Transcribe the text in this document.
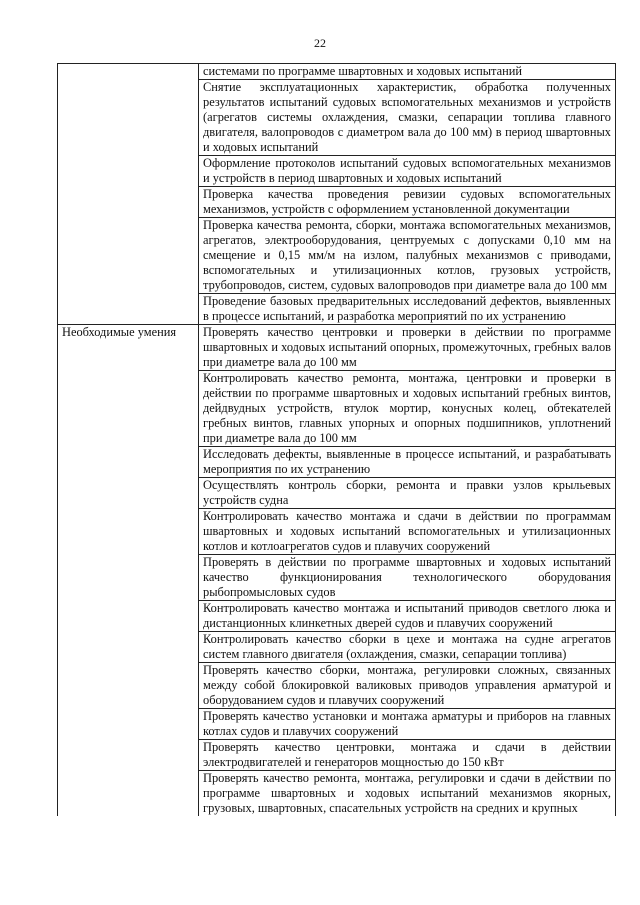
22
	системами по программе швартовных и ходовых испытаний
	Снятие эксплуатационных характеристик, обработка полученных результатов испытаний судовых вспомогательных механизмов и устройств (агрегатов системы охлаждения, смазки, сепарации топлива главного двигателя, валопроводов с диаметром вала до 100 мм) в период швартовных и ходовых испытаний
	Оформление протоколов испытаний судовых вспомогательных механизмов и устройств в период швартовных и ходовых испытаний
	Проверка качества проведения ревизии судовых вспомогательных механизмов, устройств с оформлением установленной документации
	Проверка качества ремонта, сборки, монтажа вспомогательных механизмов, агрегатов, электрооборудования, центруемых с допусками 0,10 мм на смещение и 0,15 мм/м на излом, палубных механизмов с приводами, вспомогательных и утилизационных котлов, грузовых устройств, трубопроводов, систем, судовых валопроводов при диаметре вала до 100 мм
	Проведение базовых предварительных исследований дефектов, выявленных в процессе испытаний, и разработка мероприятий по их устранению
Необходимые умения	Проверять качество центровки и проверки в действии по программе швартовных и ходовых испытаний опорных, промежуточных, гребных валов при диаметре вала до 100 мм
	Контролировать качество ремонта, монтажа, центровки и проверки в действии по программе швартовных и ходовых испытаний гребных винтов, дейдвудных устройств, втулок мортир, конусных колец, обтекателей гребных винтов, главных упорных и опорных подшипников, уплотнений при диаметре вала до 100 мм
	Исследовать дефекты, выявленные в процессе испытаний, и разрабатывать мероприятия по их устранению
	Осуществлять контроль сборки, ремонта и правки узлов крыльевых устройств судна
	Контролировать качество монтажа и сдачи в действии по программам швартовных и ходовых испытаний вспомогательных и утилизационных котлов и котлоагрегатов судов и плавучих сооружений
	Проверять в действии по программе швартовных и ходовых испытаний качество функционирования технологического оборудования рыбопромысловых судов
	Контролировать качество монтажа и испытаний приводов светлого люка и дистанционных клинкетных дверей судов и плавучих сооружений
	Контролировать качество сборки в цехе и монтажа на судне агрегатов систем главного двигателя (охлаждения, смазки, сепарации топлива)
	Проверять качество сборки, монтажа, регулировки сложных, связанных между собой блокировкой валиковых приводов управления арматурой и оборудованием судов и плавучих сооружений
	Проверять качество установки и монтажа арматуры и приборов на главных котлах судов и плавучих сооружений
	Проверять качество центровки, монтажа и сдачи в действии электродвигателей и генераторов мощностью до 150 кВт
	Проверять качество ремонта, монтажа, регулировки и сдачи в действии по программе швартовных и ходовых испытаний механизмов якорных, грузовых, швартовных, спасательных устройств на средних и крупных
